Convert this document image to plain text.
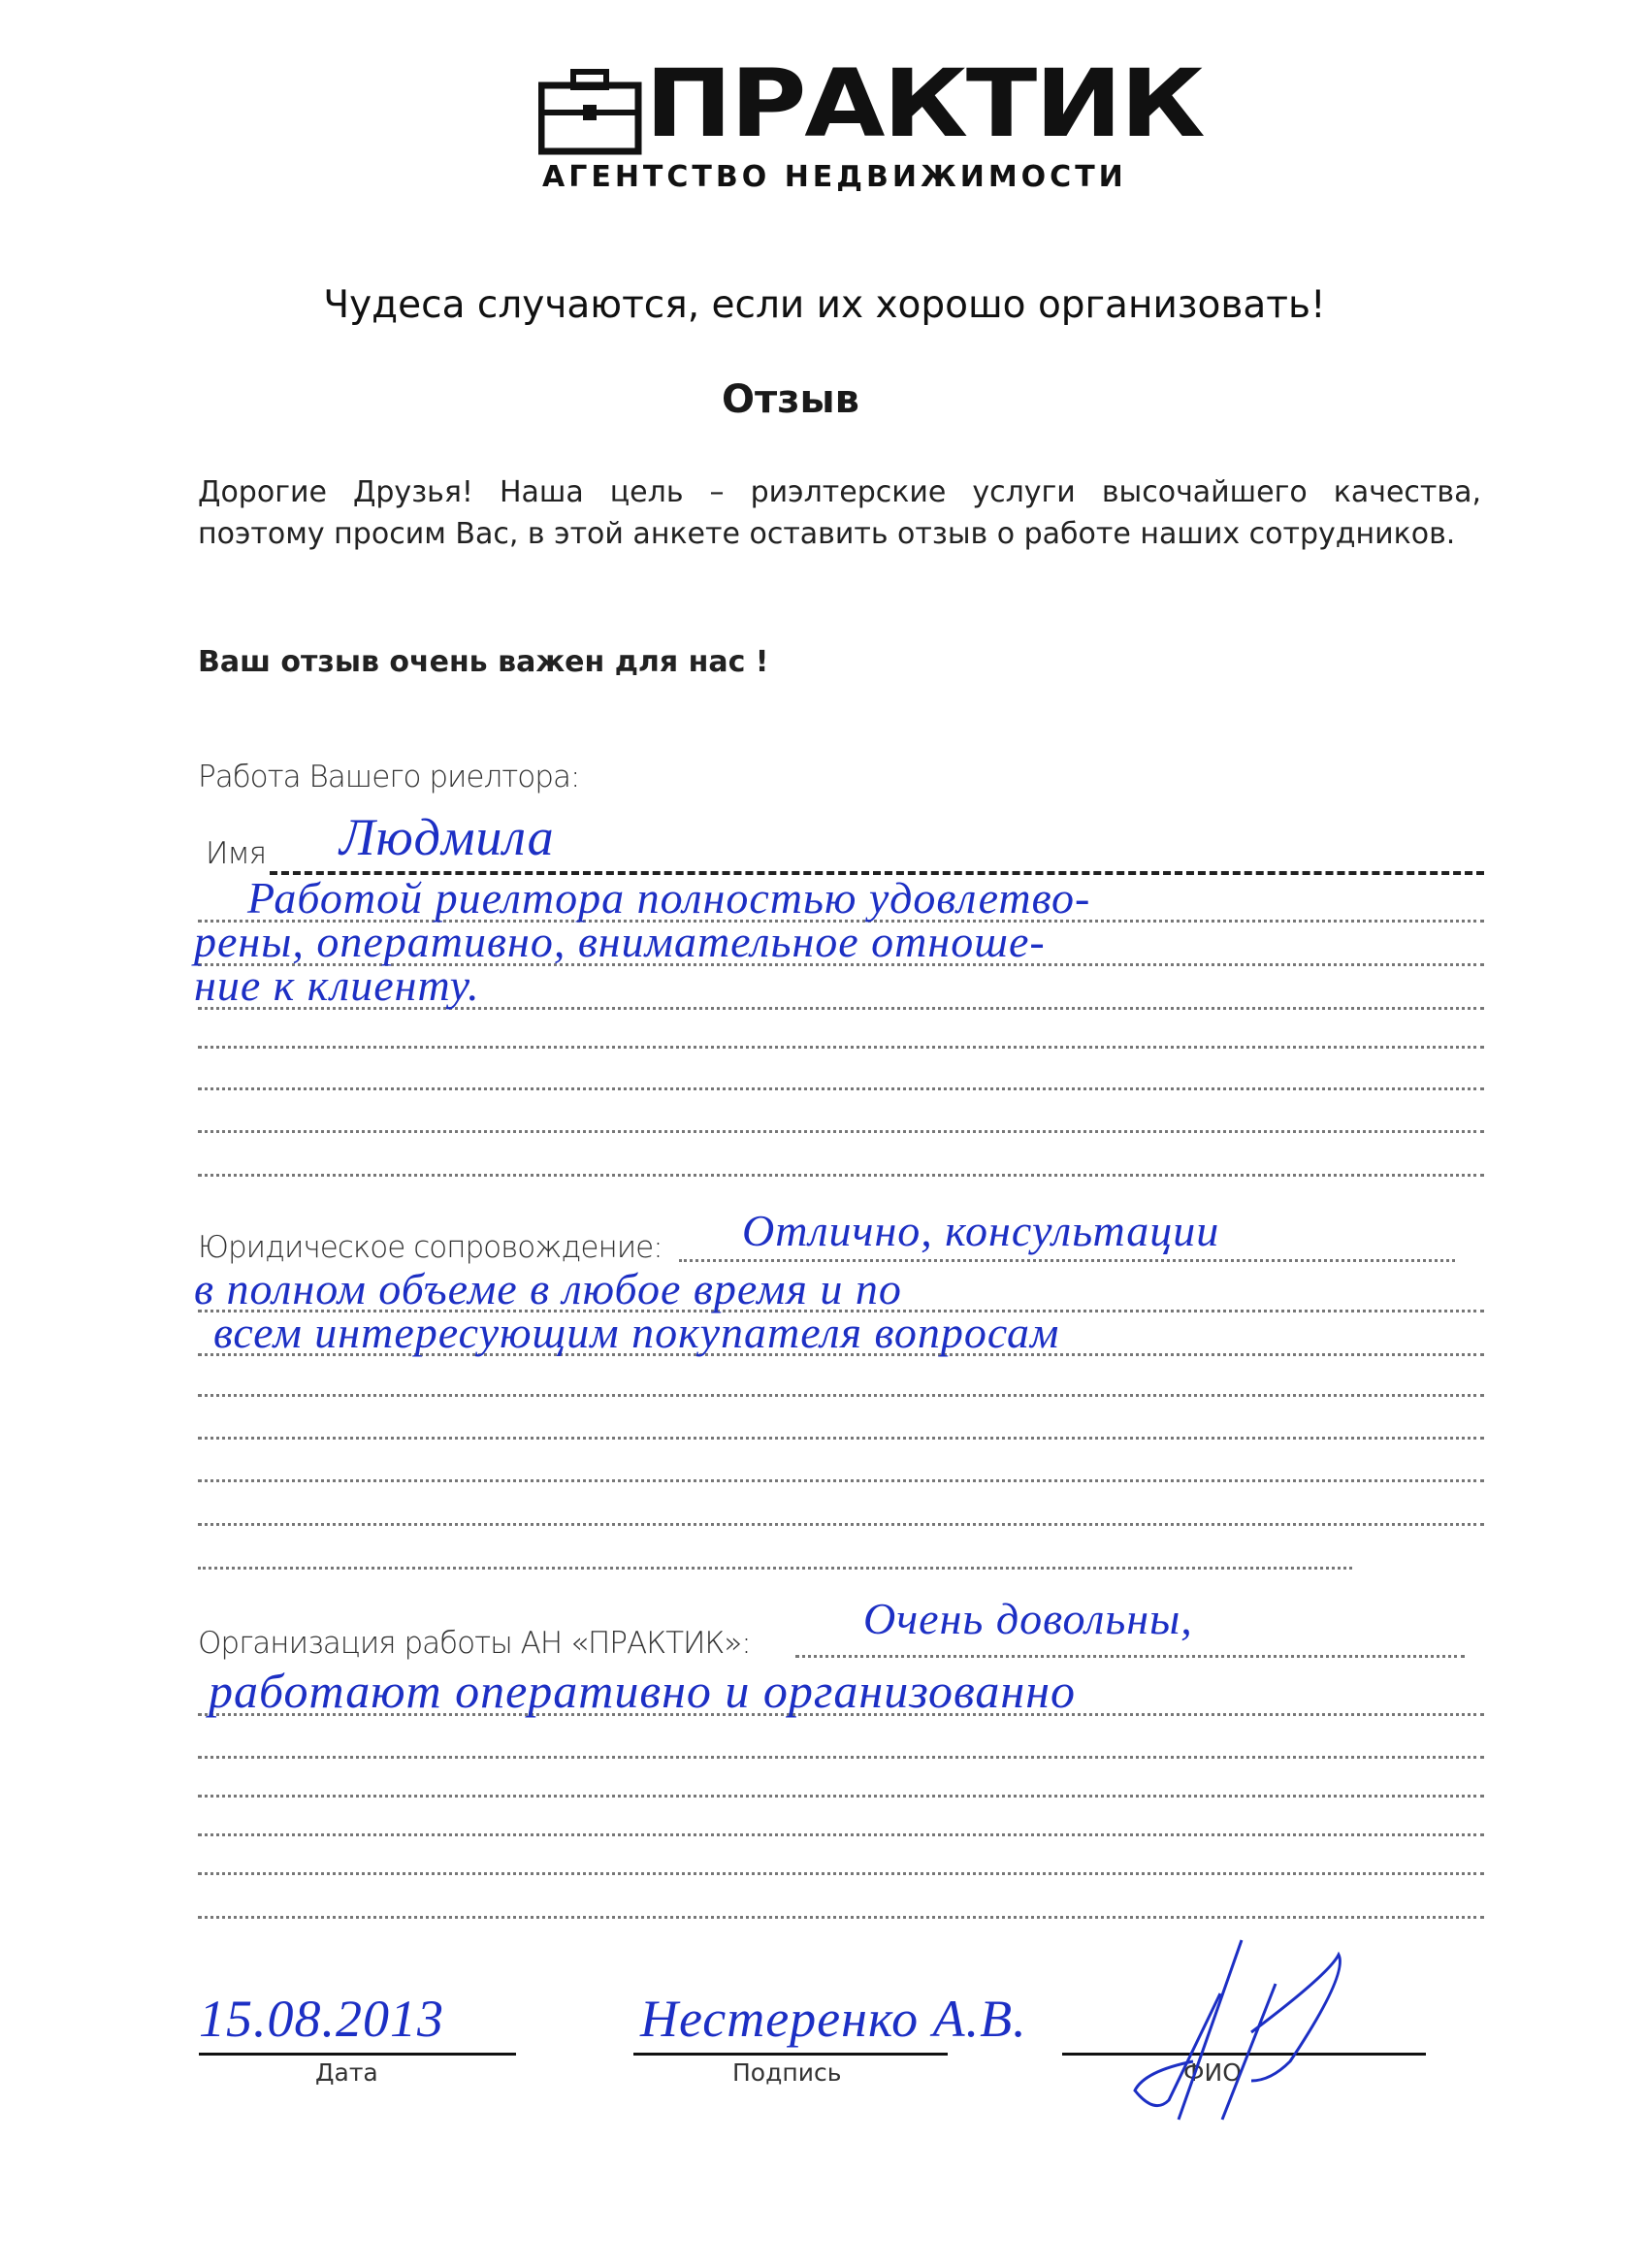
ПРАКТИК
АГЕНТСТВО НЕДВИЖИМОСТИ
Чудеса случаются, если их хорошо организовать!
Отзыв
Дорогие Друзья! Наша цель – риэлтерские услуги высочайшего качества, поэтому просим Вас, в этой анкете оставить отзыв о работе наших сотрудников.
Ваш отзыв очень важен для нас !
Работа Вашего риелтора:
Имя Людмила
Работой риелтора полностью удовлетво-
рены, оперативно, внимательное отноше-
ние к клиенту.
Юридическое сопровождение: Отлично, консультации
в полном объеме в любое время и по
всем интересующим покупателя вопросам
Организация работы АН «ПРАКТИК»:	Очень довольны,
работают оперативно и организованно
Дата
15.08.2013
Подпись
Нестеренко А.В.
ФИО
